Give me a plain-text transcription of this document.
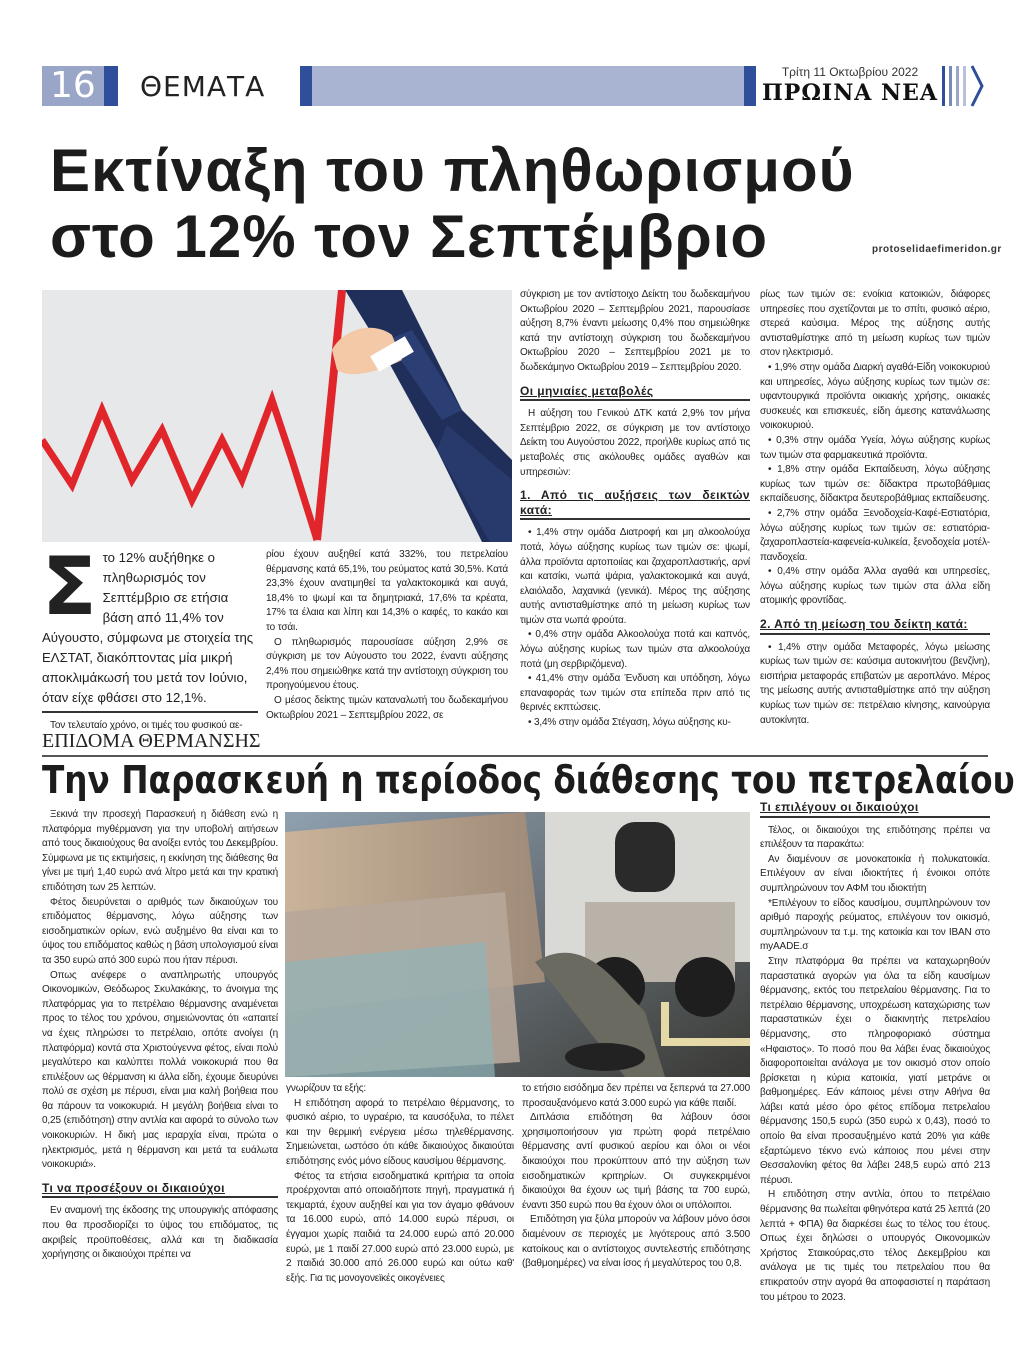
16 ΘΕΜΑΤΑ	Τρίτη 11 Οκτωβρίου 2022
ΠΡΩΙΝΑ ΝΕΑ
Εκτίναξη του πληθωρισμού
στο 12% τον Σεπτέμβριο	protoselidaefimeridon.gr
Σ το 12% αυξήθηκε ο πληθωρισμός τον Σεπτέμβριο σε ετήσια βάση από 11,4% τον Αύγουστο, σύμφωνα με στοιχεία της ΕΛΣΤΑΤ, διακόπτοντας μία μικρή αποκλιμάκωσή του μετά τον Ιούνιο, όταν είχε φθάσει στο 12,1%.

Τον τελευταίο χρόνο, οι τιμές του φυσικού αε-

ρίου έχουν αυξηθεί κατά 332%, του πετρελαίου θέρμανσης κατά 65,1%, του ρεύματος κατά 30,5%. Κατά 23,3% έχουν ανατιμηθεί τα γαλακτοκομικά και αυγά, 18,4% το ψωμί και τα δημητριακά, 17,6% τα κρέατα, 17% τα έλαια και λίπη και 14,3% ο καφές, το κακάο και το τσάι.

Ο πληθωρισμός παρουσίασε αύξηση 2,9% σε σύγκριση με τον Αύγουστο του 2022, έναντι αύξησης 2,4% που σημειώθηκε κατά την αντίστοιχη σύγκριση του προηγούμενου έτους.

Ο μέσος δείκτης τιμών καταναλωτή του δωδεκαμήνου Οκτωβρίου 2021 – Σεπτεμβρίου 2022, σε

σύγκριση με τον αντίστοιχο Δείκτη του δωδεκαμήνου Οκτωβρίου 2020 – Σεπτεμβρίου 2021, παρουσίασε αύξηση 8,7% έναντι μείωσης 0,4% που σημειώθηκε κατά την αντίστοιχη σύγκριση του δωδεκαμήνου Οκτωβρίου 2020 – Σεπτεμβρίου 2021 με το δωδεκάμηνο Οκτωβρίου 2019 – Σεπτεμβρίου 2020.

Οι μηνιαίες μεταβολές

Η αύξηση του Γενικού ΔΤΚ κατά 2,9% τον μήνα Σεπτέμβριο 2022, σε σύγκριση με τον αντίστοιχο Δείκτη του Αυγούστου 2022, προήλθε κυρίως από τις μεταβολές στις ακόλουθες ομάδες αγαθών και υπηρεσιών:

1. Από τις αυξήσεις των δεικτών κατά:

• 1,4% στην ομάδα Διατροφή και μη αλκοολούχα ποτά, λόγω αύξησης κυρίως των τιμών σε: ψωμί, άλλα προϊόντα αρτοποιίας και ζαχαροπλαστικής, αρνί και κατσίκι, νωπά ψάρια, γαλακτοκομικά και αυγά, ελαιόλαδο, λαχανικά (γενικά). Μέρος της αύξησης αυτής αντισταθμίστηκε από τη μείωση κυρίως των τιμών στα νωπά φρούτα.

• 0,4% στην ομάδα Αλκοολούχα ποτά και καπνός, λόγω αύξησης κυρίως των τιμών στα αλκοολούχα ποτά (μη σερβιριζόμενα).

• 41,4% στην ομάδα Ένδυση και υπόδηση, λόγω επαναφοράς των τιμών στα επίπεδα πριν από τις θερινές εκπτώσεις.

• 3,4% στην ομάδα Στέγαση, λόγω αύξησης κυ-

ρίως των τιμών σε: ενοίκια κατοικιών, διάφορες υπηρεσίες που σχετίζονται με το σπίτι, φυσικό αέριο, στερεά καύσιμα. Μέρος της αύξησης αυτής αντισταθμίστηκε από τη μείωση κυρίως των τιμών στον ηλεκτρισμό.

• 1,9% στην ομάδα Διαρκή αγαθά-Είδη νοικοκυριού και υπηρεσίες, λόγω αύξησης κυρίως των τιμών σε: υφαντουργικά προϊόντα οικιακής χρήσης, οικιακές συσκευές και επισκευές, είδη άμεσης κατανάλωσης νοικοκυριού.

• 0,3% στην ομάδα Υγεία, λόγω αύξησης κυρίως των τιμών στα φαρμακευτικά προϊόντα.

• 1,8% στην ομάδα Εκπαίδευση, λόγω αύξησης κυρίως των τιμών σε: δίδακτρα πρωτοβάθμιας εκπαίδευσης, δίδακτρα δευτεροβάθμιας εκπαίδευσης.

• 2,7% στην ομάδα Ξενοδοχεία-Καφέ-Εστιατόρια, λόγω αύξησης κυρίως των τιμών σε: εστιατόρια-ζαχαροπλαστεία-καφενεία-κυλικεία, ξενοδοχεία μοτέλ-πανδοχεία.

• 0,4% στην ομάδα Άλλα αγαθά και υπηρεσίες, λόγω αύξησης κυρίως των τιμών στα άλλα είδη ατομικής φροντίδας.

2. Από τη μείωση του δείκτη κατά:

• 1,4% στην ομάδα Μεταφορές, λόγω μείωσης κυρίως των τιμών σε: καύσιμα αυτοκινήτου (βενζίνη), εισιτήρια μεταφοράς επιβατών με αεροπλάνο. Μέρος της μείωσης αυτής αντισταθμίστηκε από την αύξηση κυρίως των τιμών σε: πετρέλαιο κίνησης, καινούργια αυτοκίνητα.

ΕΠΙΔΟΜΑ ΘΕΡΜΑΝΣΗΣ
Την Παρασκευή η περίοδος διάθεσης του πετρελαίου

Ξεκινά την προσεχή Παρασκευή η διάθεση ενώ η πλατφόρμα myθέρμανση για την υποβολή αιτήσεων από τους δικαιούχους θα ανοίξει εντός του Δεκεμβρίου. Σύμφωνα με τις εκτιμήσεις, η εκκίνηση της διάθεσης θα γίνει με τιμή 1,40 ευρώ ανά λίτρο μετά και την κρατική επιδότηση των 25 λεπτών.

Φέτος διευρύνεται ο αριθμός των δικαιούχων του επιδόματος θέρμανσης, λόγω αύξησης των εισοδηματικών ορίων, ενώ αυξημένο θα είναι και το ύψος του επιδόματος καθώς η βάση υπολογισμού είναι τα 350 ευρώ από 300 ευρώ που ήταν πέρυσι.

Οπως ανέφερε ο αναπληρωτής υπουργός Οικονομικών, Θεόδωρος Σκυλακάκης, το άνοιγμα της πλατφόρμας για το πετρέλαιο θέρμανσης αναμένεται προς το τέλος του χρόνου, σημειώνοντας ότι «απαιτεί να έχεις πληρώσει το πετρέλαιο, οπότε ανοίγει (η πλατφόρμα) κοντά στα Χριστούγεννα φέτος, είναι πολύ μεγαλύτερο και καλύπτει πολλά νοικοκυριά που θα επιλέξουν ως θέρμανση κι άλλα είδη, έχουμε διευρύνει πολύ σε σχέση με πέρυσι, είναι μια καλή βοήθεια που θα πάρουν τα νοικοκυριά. Η μεγάλη βοήθεια είναι το 0,25 (επιδότηση) στην αντλία και αφορά το σύνολο των νοικοκυριών. Η δική μας ιεραρχία είναι, πρώτα ο ηλεκτρισμός, μετά η θέρμανση και μετά τα ευάλωτα νοικοκυριά».

Τι να προσέξουν οι δικαιούχοι

Εν αναμονή της έκδοσης της υπουργικής απόφασης που θα προσδιορίζει το ύψος του επιδόματος, τις ακριβείς προϋποθέσεις, αλλά και τη διαδικασία χορήγησης οι δικαιούχοι πρέπει να

γνωρίζουν τα εξής:

Η επιδότηση αφορά το πετρέλαιο θέρμανσης, το φυσικό αέριο, το υγραέριο, τα καυσόξυλα, το πέλετ και την θερμική ενέργεια μέσω τηλεθέρμανσης. Σημειώνεται, ωστόσο ότι κάθε δικαιούχος δικαιούται επιδότησης ενός μόνο είδους καυσίμου θέρμανσης.

Φέτος τα ετήσια εισοδηματικά κριτήρια τα οποία προέρχονται από οποιαδήποτε πηγή, πραγματικά ή τεκμαρτά, έχουν αυξηθεί και για τον άγαμο φθάνουν τα 16.000 ευρώ, από 14.000 ευρώ πέρυσι, οι έγγαμοι χωρίς παιδιά τα 24.000 ευρώ από 20.000 ευρώ, με 1 παιδί 27.000 ευρώ από 23.000 ευρώ, με 2 παιδιά 30.000 από 26.000 ευρώ και ούτω καθ' εξής. Για τις μονογονεϊκές οικογένειες

το ετήσιο εισόδημα δεν πρέπει να ξεπερνά τα 27.000 προσαυξανόμενο κατά 3.000 ευρώ για κάθε παιδί.

Διπλάσια επιδότηση θα λάβουν όσοι χρησιμοποιήσουν για πρώτη φορά πετρέλαιο θέρμανσης αντί φυσικού αερίου και όλοι οι νέοι δικαιούχοι που προκύπτουν από την αύξηση των εισοδηματικών κριτηρίων. Οι συγκεκριμένοι δικαιούχοι θα έχουν ως τιμή βάσης τα 700 ευρώ, έναντι 350 ευρώ που θα έχουν όλοι οι υπόλοιποι.

Επιδότηση για ξύλα μπορούν να λάβουν μόνο όσοι διαμένουν σε περιοχές με λιγότερους από 3.500 κατοίκους και ο αντίστοιχος συντελεστής επιδότησης (βαθμοημέρες) να είναι ίσος ή μεγαλύτερος του 0,8.

Τι επιλέγουν οι δικαιούχοι

Τέλος, οι δικαιούχοι της επιδότησης πρέπει να επιλέξουν τα παρακάτω:

Αν διαμένουν σε μονοκατοικία ή πολυκατοικία. Επιλέγουν αν είναι ιδιοκτήτες ή ένοικοι οπότε συμπληρώνουν τον ΑΦΜ του ιδιοκτήτη

*Επιλέγουν το είδος καυσίμου, συμπληρώνουν τον αριθμό παροχής ρεύματος, επιλέγουν τον οικισμό, συμπληρώνουν τα τ.μ. της κατοικία και τον IBAN στο myAADE.σ

Στην πλατφόρμα θα πρέπει να καταχωρηθούν παραστατικά αγορών για όλα τα είδη καυσίμων θέρμανσης, εκτός του πετρελαίου θέρμανσης. Για το πετρέλαιο θέρμανσης, υποχρέωση καταχώρισης των παραστατικών έχει ο διακινητής πετρελαίου θέρμανσης, στο πληροφοριακό σύστημα «Ηφαιστος». Το ποσό που θα λάβει ένας δικαιούχος διαφοροποιείται ανάλογα με τον οικισμό στον οποίο βρίσκεται η κύρια κατοικία, γιατί μετράνε οι βαθμοημέρες. Εάν κάποιος μένει στην Αθήνα θα λάβει κατά μέσο όρο φέτος επίδομα πετρελαίου θέρμανσης 150,5 ευρώ (350 ευρώ x 0,43), ποσό το οποίο θα είναι προσαυξημένο κατά 20% για κάθε εξαρτώμενο τέκνο ενώ κάποιος που μένει στην Θεσσαλονίκη φέτος θα λάβει 248,5 ευρώ από 213 πέρυσι.

Η επιδότηση στην αντλία, όπου το πετρέλαιο θέρμανσης θα πωλείται φθηνότερα κατά 25 λεπτά (20 λεπτά + ΦΠΑ) θα διαρκέσει έως το τέλος του έτους. Οπως έχει δηλώσει ο υπουργός Οικονομικών Χρήστος Σταικούρας,στο τέλος Δεκεμβρίου και ανάλογα με τις τιμές του πετρελαίου που θα επικρατούν στην αγορά θα αποφασιστεί η παράταση του μέτρου το 2023.
